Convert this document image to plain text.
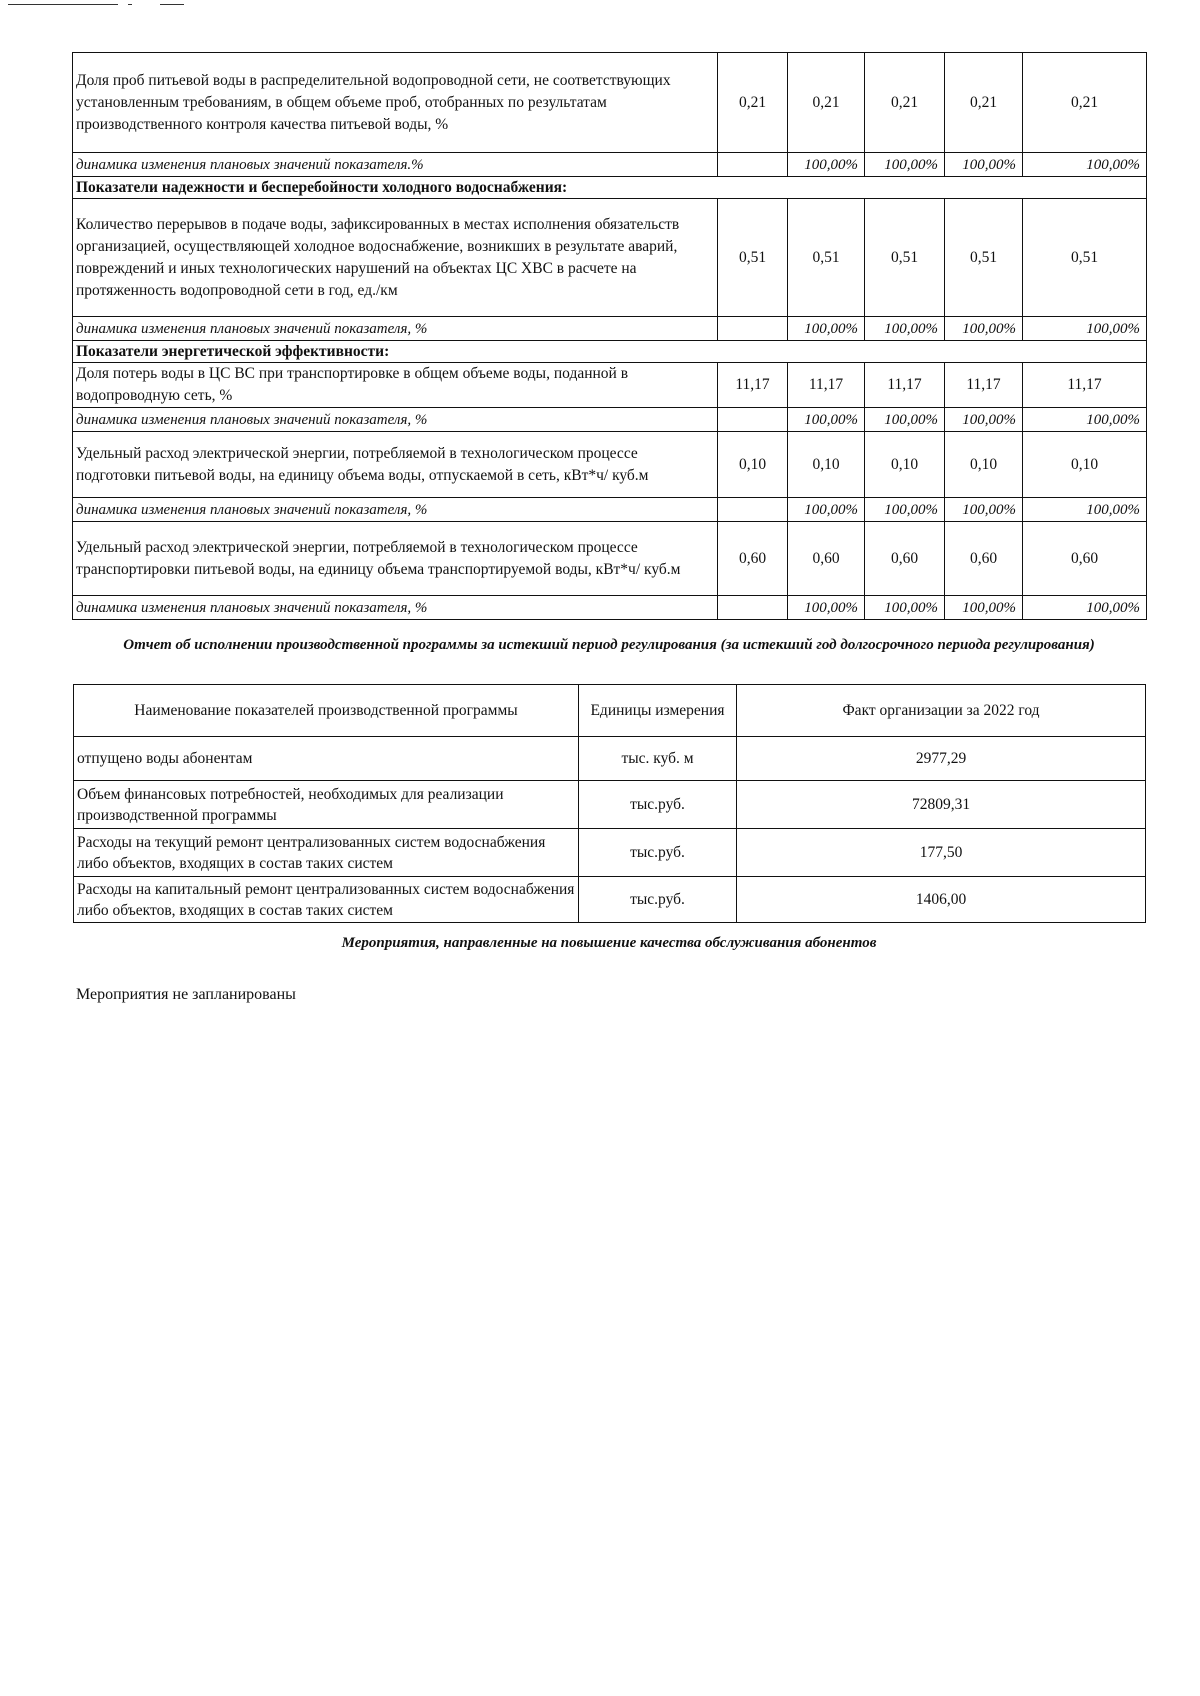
Доля проб питьевой воды в распределительной водопроводной сети, не соответствующих установленным требованиям, в общем объеме проб, отобранных по результатам производственного контроля качества питьевой воды, %	0,21	0,21	0,21	0,21	0,21
динамика изменения плановых значений показателя.%		100,00%	100,00%	100,00%	100,00%
Показатели надежности и бесперебойности холодного водоснабжения:					
Количество перерывов в подаче воды, зафиксированных в местах исполнения обязательств организацией, осуществляющей холодное водоснабжение, возникших в результате аварий, повреждений и иных технологических нарушений на объектах ЦС ХВС в расчете на протяженность водопроводной сети в год, ед./км	0,51	0,51	0,51	0,51	0,51
динамика изменения плановых значений показателя, %		100,00%	100,00%	100,00%	100,00%
Показатели энергетической эффективности:					
Доля потерь воды в ЦС ВС при транспортировке в общем объеме воды, поданной в водопроводную сеть, %	11,17	11,17	11,17	11,17	11,17
динамика изменения плановых значений показателя, %		100,00%	100,00%	100,00%	100,00%
Удельный расход электрической энергии, потребляемой в технологическом процессе подготовки питьевой воды, на единицу объема воды, отпускаемой в сеть, кВт*ч/ куб.м	0,10	0,10	0,10	0,10	0,10
динамика изменения плановых значений показателя, %		100,00%	100,00%	100,00%	100,00%
Удельный расход электрической энергии, потребляемой в технологическом процессе транспортировки питьевой воды, на единицу объема транспортируемой воды, кВт*ч/ куб.м	0,60	0,60	0,60	0,60	0,60
динамика изменения плановых значений показателя, %		100,00%	100,00%	100,00%	100,00%
Отчет об исполнении производственной программы за истекший период регулирования (за истекший год долгосрочного периода регулирования)
Наименование показателей производственной программы	Единицы измерения	Факт организации за 2022 год
отпущено воды абонентам	тыс. куб. м	2977,29
Объем финансовых потребностей, необходимых для реализации производственной программы	тыс.руб.	72809,31
Расходы на текущий ремонт централизованных систем водоснабжения либо объектов, входящих в состав таких систем	тыс.руб.	177,50
Расходы на капитальный ремонт централизованных систем водоснабжения либо объектов, входящих в состав таких систем	тыс.руб.	1406,00
Мероприятия, направленные на повышение качества обслуживания абонентов
Мероприятия не запланированы
